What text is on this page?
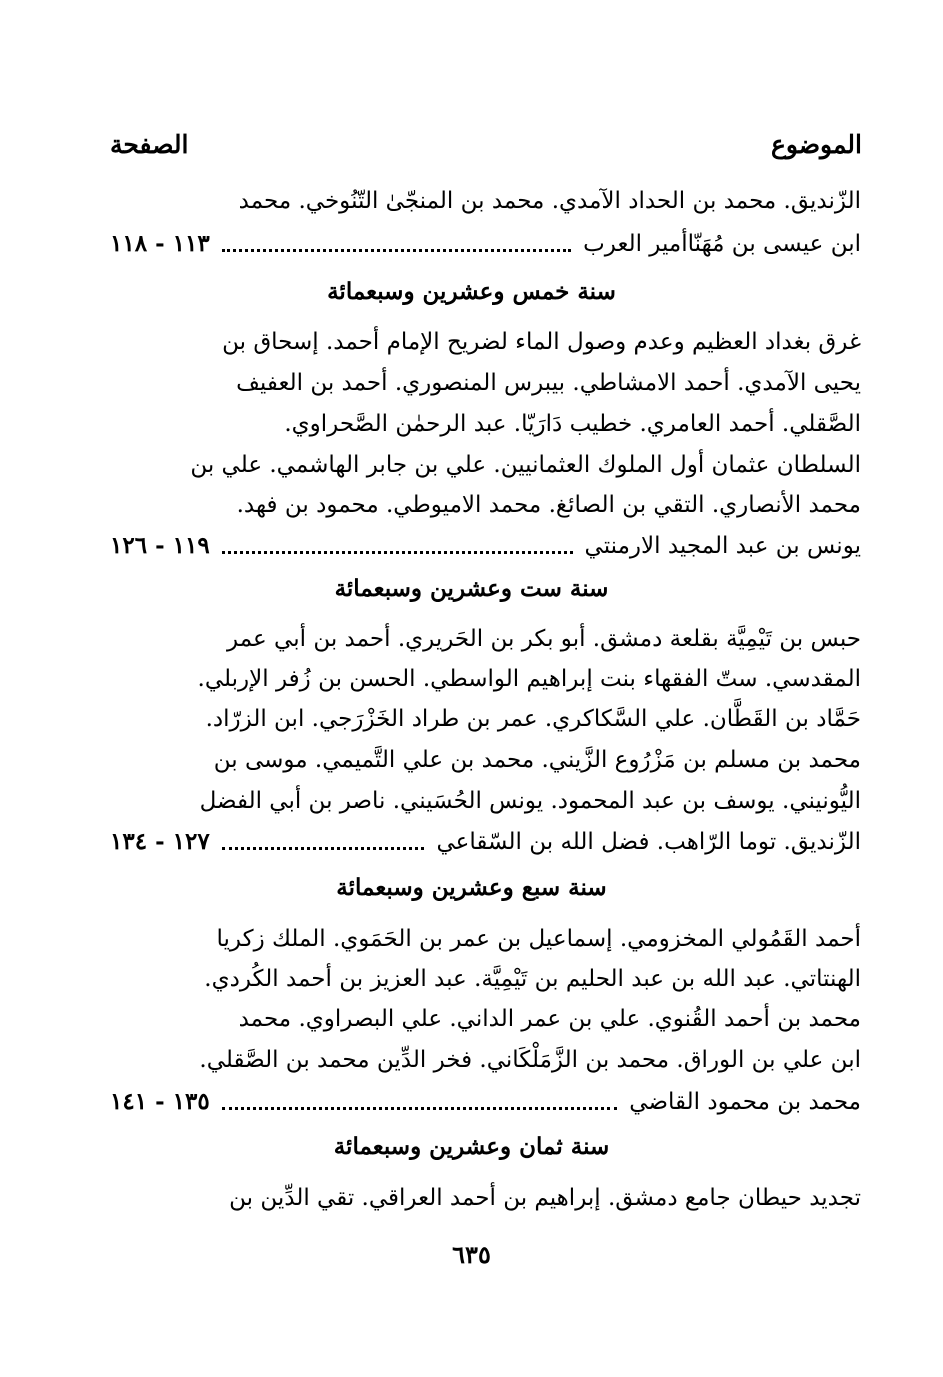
الموضوع
الصفحة
الزّنديق. محمد بن الحداد الآمدي. محمد بن المنجّىٰ التّنُوخي. محمد
ابن عيسى بن مُهَنّاأمير العرب
١١٣ - ١١٨
سنة خمس وعشرين وسبعمائة
غرق بغداد العظيم وعدم وصول الماء لضريح الإمام أحمد. إسحاق بن
يحيى الآمدي. أحمد الامشاطي. بيبرس المنصوري. أحمد بن العفيف
الصَّقلي. أحمد العامري. خطيب دَارَيّا. عبد الرحمٰن الصَّحراوي.
السلطان عثمان أول الملوك العثمانيين. علي بن جابر الهاشمي. علي بن
محمد الأنصاري. التقي بن الصائغ. محمد الاميوطي. محمود بن فهد.
يونس بن عبد المجيد الارمنتي
١١٩ - ١٢٦
سنة ست وعشرين وسبعمائة
حبس بن تَيْمِيَّة بقلعة دمشق. أبو بكر بن الحَريري. أحمد بن أبي عمر
المقدسي. ستّ الفقهاء بنت إبراهيم الواسطي. الحسن بن زُفر الإربلي.
حَمَّاد بن القَطَّان. علي السَّكاكري. عمر بن طراد الخَزْرَجي. ابن الزرّاد.
محمد بن مسلم بن مَزْرُوع الزَّيني. محمد بن علي التَّميمي. موسى بن
اليُّونيني. يوسف بن عبد المحمود. يونس الحُسَيني. ناصر بن أبي الفضل
الزّنديق. توما الرّاهب. فضل الله بن السّقاعي
١٢٧ - ١٣٤
سنة سبع وعشرين وسبعمائة
أحمد القَمُولي المخزومي. إسماعيل بن عمر بن الحَمَوي. الملك زكريا
الهنتاتي. عبد الله بن عبد الحليم بن تَيْمِيَّة. عبد العزيز بن أحمد الكُردي.
محمد بن أحمد القُنوي. علي بن عمر الداني. علي البصراوي. محمد
ابن علي بن الوراق. محمد بن الزَّمَلْكَاني. فخر الدِّين محمد بن الصَّقلي.
محمد بن محمود القاضي
١٣٥ - ١٤١
سنة ثمان وعشرين وسبعمائة
تجديد حيطان جامع دمشق. إبراهيم بن أحمد العراقي. تقي الدِّين بن
٦٣٥
